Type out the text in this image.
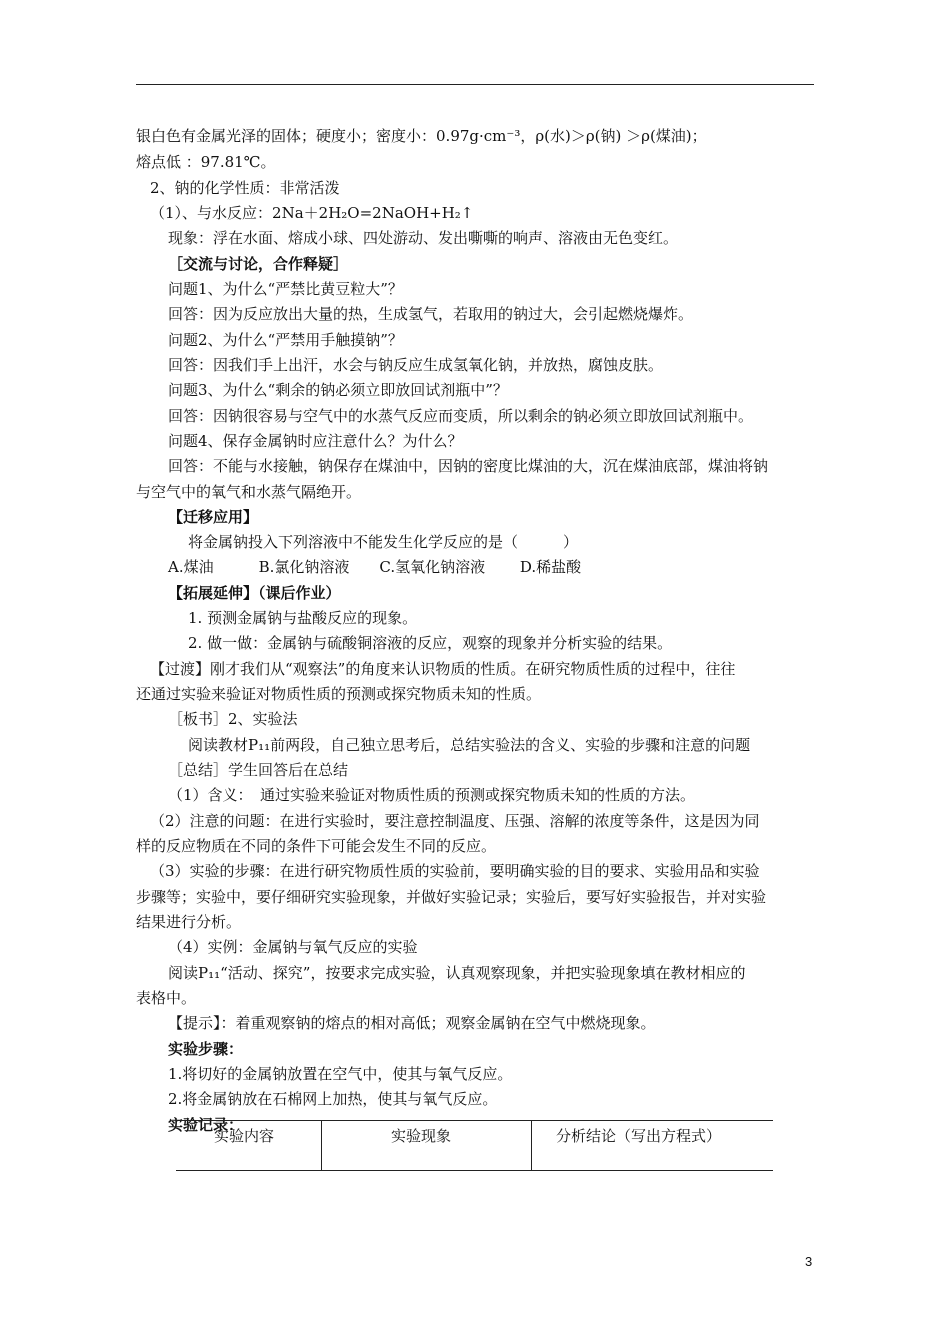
银白色有金属光泽的固体；硬度小；密度小：0.97g·cm⁻³，ρ(水)＞ρ(钠) ＞ρ(煤油)；
熔点低 ：97.81℃。
2、钠的化学性质：非常活泼
（1）、与水反应：2Na＋2H₂O=2NaOH+H₂↑
现象：浮在水面、熔成小球、四处游动、发出嘶嘶的响声、溶液由无色变红。
［交流与讨论，合作释疑］
问题1、为什么“严禁比黄豆粒大”？
回答：因为反应放出大量的热，生成氢气，若取用的钠过大，会引起燃烧爆炸。
问题2、为什么“严禁用手触摸钠”？
回答：因我们手上出汗，水会与钠反应生成氢氧化钠，并放热，腐蚀皮肤。
问题3、为什么“剩余的钠必须立即放回试剂瓶中”？
回答：因钠很容易与空气中的水蒸气反应而变质，所以剩余的钠必须立即放回试剂瓶中。
问题4、保存金属钠时应注意什么？为什么？
回答：不能与水接触，钠保存在煤油中，因钠的密度比煤油的大，沉在煤油底部，煤油将钠
与空气中的氧气和水蒸气隔绝开。
【迁移应用】
将金属钠投入下列溶液中不能发生化学反应的是（　　　）
A.煤油　　　B.氯化钠溶液　　C.氢氧化钠溶液　　 D.稀盐酸
【拓展延伸】（课后作业）
1. 预测金属钠与盐酸反应的现象。
2. 做一做：金属钠与硫酸铜溶液的反应，观察的现象并分析实验的结果。
【过渡】刚才我们从“观察法”的角度来认识物质的性质。在研究物质性质的过程中，往往
还通过实验来验证对物质性质的预测或探究物质未知的性质。
［板书］2、实验法
阅读教材P₁₁前两段，自己独立思考后，总结实验法的含义、实验的步骤和注意的问题
［总结］学生回答后在总结
（1）含义：　通过实验来验证对物质性质的预测或探究物质未知的性质的方法。
（2）注意的问题：在进行实验时，要注意控制温度、压强、溶解的浓度等条件，这是因为同
样的反应物质在不同的条件下可能会发生不同的反应。
（3）实验的步骤：在进行研究物质性质的实验前，要明确实验的目的要求、实验用品和实验
步骤等；实验中，要仔细研究实验现象，并做好实验记录；实验后，要写好实验报告，并对实验
结果进行分析。
（4）实例：金属钠与氧气反应的实验
阅读P₁₁“活动、探究”，按要求完成实验，认真观察现象，并把实验现象填在教材相应的
表格中。
【提示】：着重观察钠的熔点的相对高低；观察金属钠在空气中燃烧现象。
实验步骤：
1.将切好的金属钠放置在空气中，使其与氧气反应。
2.将金属钠放在石棉网上加热，使其与氧气反应。
实验记录：
实验内容	实验现象	分析结论（写出方程式）
3
